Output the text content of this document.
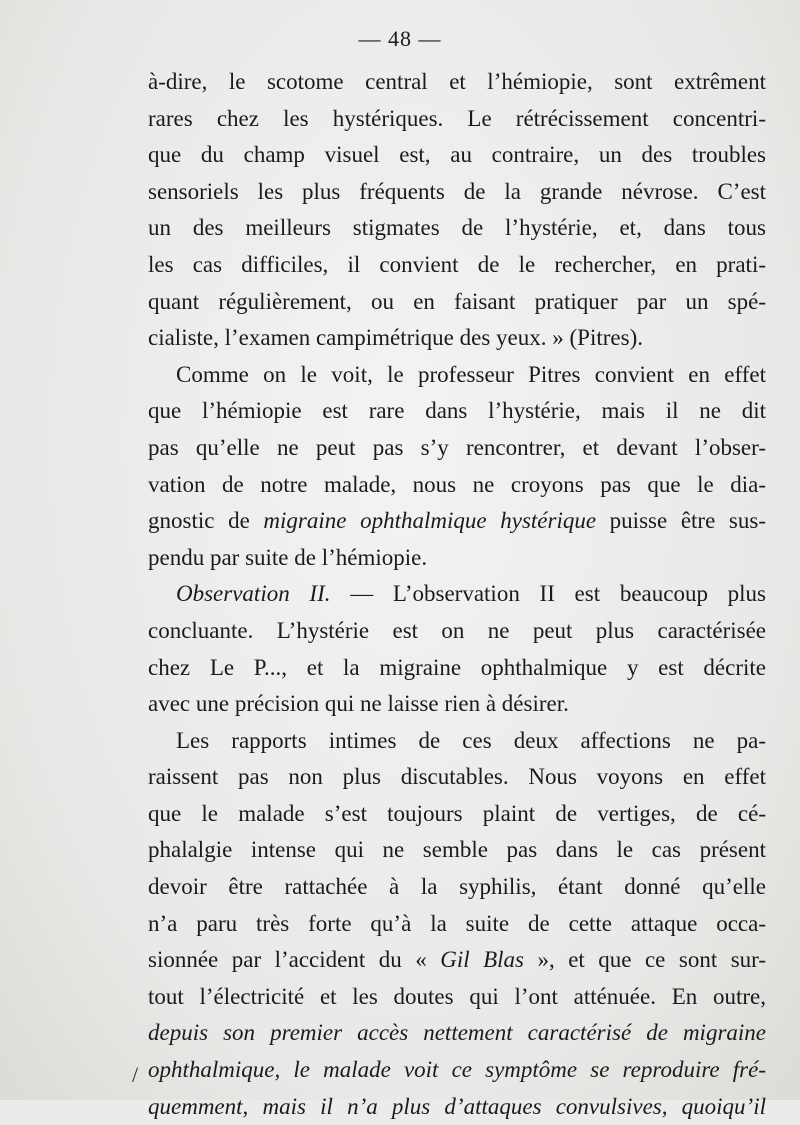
— 48 —
à-dire, le scotome central et l’hémiopie, sont extrêment
rares chez les hystériques. Le rétrécissement concentri-
que du champ visuel est, au contraire, un des troubles
sensoriels les plus fréquents de la grande névrose. C’est
un des meilleurs stigmates de l’hystérie, et, dans tous
les cas difficiles, il convient de le rechercher, en prati-
quant régulièrement, ou en faisant pratiquer par un spé-
cialiste, l’examen campimétrique des yeux. » (Pitres).
Comme on le voit, le professeur Pitres convient en effet
que l’hémiopie est rare dans l’hystérie, mais il ne dit
pas qu’elle ne peut pas s’y rencontrer, et devant l’obser-
vation de notre malade, nous ne croyons pas que le dia-
gnostic de migraine ophthalmique hystérique puisse être sus-
pendu par suite de l’hémiopie.
Observation II. — L’observation II est beaucoup plus
concluante. L’hystérie est on ne peut plus caractérisée
chez Le P..., et la migraine ophthalmique y est décrite
avec une précision qui ne laisse rien à désirer.
Les rapports intimes de ces deux affections ne pa-
raissent pas non plus discutables. Nous voyons en effet
que le malade s’est toujours plaint de vertiges, de cé-
phalalgie intense qui ne semble pas dans le cas présent
devoir être rattachée à la syphilis, étant donné qu’elle
n’a paru très forte qu’à la suite de cette attaque occa-
sionnée par l’accident du « Gil Blas », et que ce sont sur-
tout l’électricité et les doutes qui l’ont atténuée. En outre,
depuis son premier accès nettement caractérisé de migraine
ophthalmique, le malade voit ce symptôme se reproduire fré-
quemment, mais il n’a plus d’attaques convulsives, quoiqu’il
/
